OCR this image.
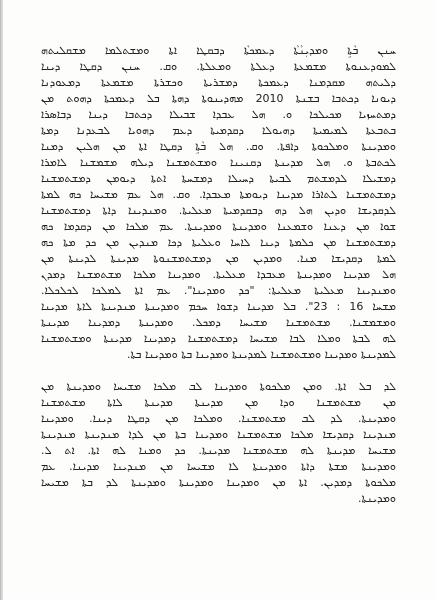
ܚܢܢ ܒܵܬܹܐ ܘܡܕܝܼܢܵܬܵܐ ܕܥܡܟܬܵܐ ܕܒܩܛܐ ܐܬܐ ܘܡܫܬܠܡܐ ܡܫܩܠܝܬܗ

ܠܡܘܕܥܢܘܬܐ ܡܫܡܥܬܐ ܕܥܠܬܐ ܘܡܥܠܬܐ. ܘܩ. ܚܢܢ ܕܩܛܐ ܕܝܢܐ

ܕܠܝܬܗ ܡܩܕܡܢܐ ܕܥܡܟܬܐ ܕܡܫܪܝܬܐ ܘܟܫܪܬܐ ܡܫܡܥܬܐ ܕܡܥܘܕܢܐ

ܕܝܘܢܐ ܕܟܬܒܐ ܒܫܢܬܐ 2010 ܡܗܕܝܢܘܬܐ ܕܗܬܐ ܒܠ ܕܥܡܟܬܐ ܕܗܘܬ ܡܢ

ܕܡܬܚܙܝܐ ܡܟܝܠܟܐ ܘ. ܗܠ ܥܒܕܐ ܫܒܝܠܐ ܕܟܬܒܐ ܕܝܢܐ ܕܒܐܣܪܐ

ܒܬܒܥܬܐ ܠܡܝܡܝܬܐ ܕܗܝܘܠܐ ܕܩܕܡܝܬܐ ܕܥܡ ܕܗܘܝܐ ܠܒܥܕܢܐ ܕܡܬܐ

ܘܡܕܝܢܬܐ ܘܡܠܟܘܬܐ ܕܐܦܬܐ. ܘܩ. ܗܠ ܒܵܬܹܐ ܕܩܛܐ ܐܬܐ ܡܢ ܗܠܝܢ ܕܡܢܐ

ܠܟܬܒܬܐ ܘ. ܗܠ ܡܕܝܢܬܐ ܕܩܢܝܢܐ ܘܡܫܬܡܫܢܐ ܕܝܠܗ ܡܫܡܫܢܐ ܠܐܡܪܐ

ܕܡܫܝܠܐ ܠܕܡܫܬܡ ܠܒܝܬܐ ܕܚܝܠܐ ܕܡܫܚܬܐ ܐܬܬܐ ܕܝܘܡܢ ܕܡܫܬܡܫܢܐ

ܕܡܫܬܡܫܢܐ ܠܬܐܪܐ ܡܕܝܢܐ ܕܝܘܡܬܐ ܡܥܒܕܐ. ܘܩ. ܗܠ ܥܡ ܡܫܝܚܐ ܟܗ ܠܡܬܐ

ܠܕܩܕܝܫܐ ܘܕܝܢ ܗܠ ܕܗ ܕܒܩܕܡܝܬܐ ܡܥܠܝܬܐ. ܘܡܢܕܝܢܐ ܕܐܬܐ ܕܡܫܬܡܫܢܐ

ܫܘܐ ܡܢ ܕܥܢܐ ܘܫܡܥܢܐ ܘܡܕܝܢܬܐ ܘܡܕܝܢܬܐ. ܥܡ ܡܠܟܐ ܡܢ ܕܩܕܡܐ ܟܗ

ܕܡܫܬܡܫܢܐ ܡܢ ܟܠܡܬܐ ܕܝܢܐ ܠܐܚܐ ܘܥܠܝܬܐ ܕܟܐ ܡܢܕܝܢ ܡܢ ܟܕ ܡܬܐ ܟܗ

ܠܡܬܐ ܕܩܕܝܫܐ ܡܢܐ. ܘܡܕܝܢ ܡܢ ܕܡܫܬܡܫܢܘܬܐ ܡܕܝܢܬܐ ܠܕܝܢܬܐ ܡܢ

ܗܠ ܡܕܝܢܐ ܘܡܕܝܢܬܐ ܡܥܒܕܐ ܡܥܠܝܬܐ. ܘܡܕܝܢܐ ܡܠܟܐ ܡܫܬܡܫܢܐ ܕܡܕܢ

ܘܡܢܕܝܢܐ ܡܥܠܝܬܐ ܡܥܠܝܬܐ: "ܟܕ ܘܡܕܝܢܐ". ܥܡ ܐܬܐ ܠܡܠܟܐ ܠܟܠܟܠܐ.

ܡܫܚܐ 16 : 23". ܒܠ ܡܕܝܢܐ ܕܫܘܐ ܚܟܡ ܘܡܕܝܢܬܐ ܡܢܕܝܢܬܐ ܠܐܬܐ ܡܕܝܢܐ

ܘܡܫܡܫܢܐ. ܡܫܬܡܫܢܐ ܡܫܝܚܐ ܕܡܟܠ. ܘܡܕܝܢܬܐ ܕܡܕܝܢܐ ܡܕܝܢܬܐ

ܠܗ ܠܒܬܐ ܘܡܠܐ ܠܒܐ ܡܫܝܚܐ ܕܡܫܬܡܫܢܐ ܕܡܕܝܢܐ ܡܕܝܢܬܐ ܘܡܫܬܡܫܢܐ

ܠܡܕܝܢܬܐ ܘܡܕܝܢܐ ܘܡܫܬܡܫܢܐ ܠܡܕܝܢܬܐ ܘܡܕܝܢܐ ܒܬܐ ܘܡܕܝܢܐ ܒܬܐ.

ܠܕ ܒܠ ܐܬܐ. ܘܡܢ ܡܠܟܘܬܐ ܘܡܕܝܢܐ ܠܒ ܡܠܟܐ ܡܫܝܚܐ ܘܡܕܝܢܬܐ ܡܢ

ܡܢ ܡܫܬܡܫܢܐ ܘܕܐ ܡܢ ܡܕܝܢܬܐ ܡܕܝܢܬܐ ܠܐܬܐ ܡܫܬܡܫܢܐ

ܘܡܕܝܢܬܐ. ܠܕ ܠܒ ܡܫܬܡܫܢܐ. ܘܡܠܟܐ ܡܢ ܕܩܛܐ ܕܝܢܐ. ܘܡܕܝܢܐ

ܡܢܕܝܢܐ ܕܩܕܝܫܐ ܡܠܟܐ ܡܫܬܡܫܢܐ ܘܡܕܝܢܐ ܒܬܐ ܡܢ ܠܕܐ ܡܢܕܝܢܬܐ ܡܢܕܝܢܬܐ

ܡܫܝܚܐ ܡܕܝܢܬܐ ܠܗ ܡܫܬܡܫܢܐ ܡܕܝܢܬܐ. ܟܕ ܘܡܢܐ ܠܗ ܐܬܐ. ܐܬ ܠ.

ܘܡܕܝܢܬܐ ܡܫܬܐ ܕܐܬܐ ܘܡܕܝܢܬܐ ܠܐ ܡܫܝܚܐ ܡܢ ܡܢܕܝܢܐ ܡܕܝܢܐ. ܥܡ

ܡܠܟܘܬܐ ܕܡܕܝܢ. ܐܬܐ ܡܢ ܘܡܕܝܢܐ ܘܡܕܝܢܬܐ ܘܡܕܝܢܬܐ ܠܕ ܒܬܐ ܡܫܝܚܐ

ܘܡܕܝܢܬܐ.
